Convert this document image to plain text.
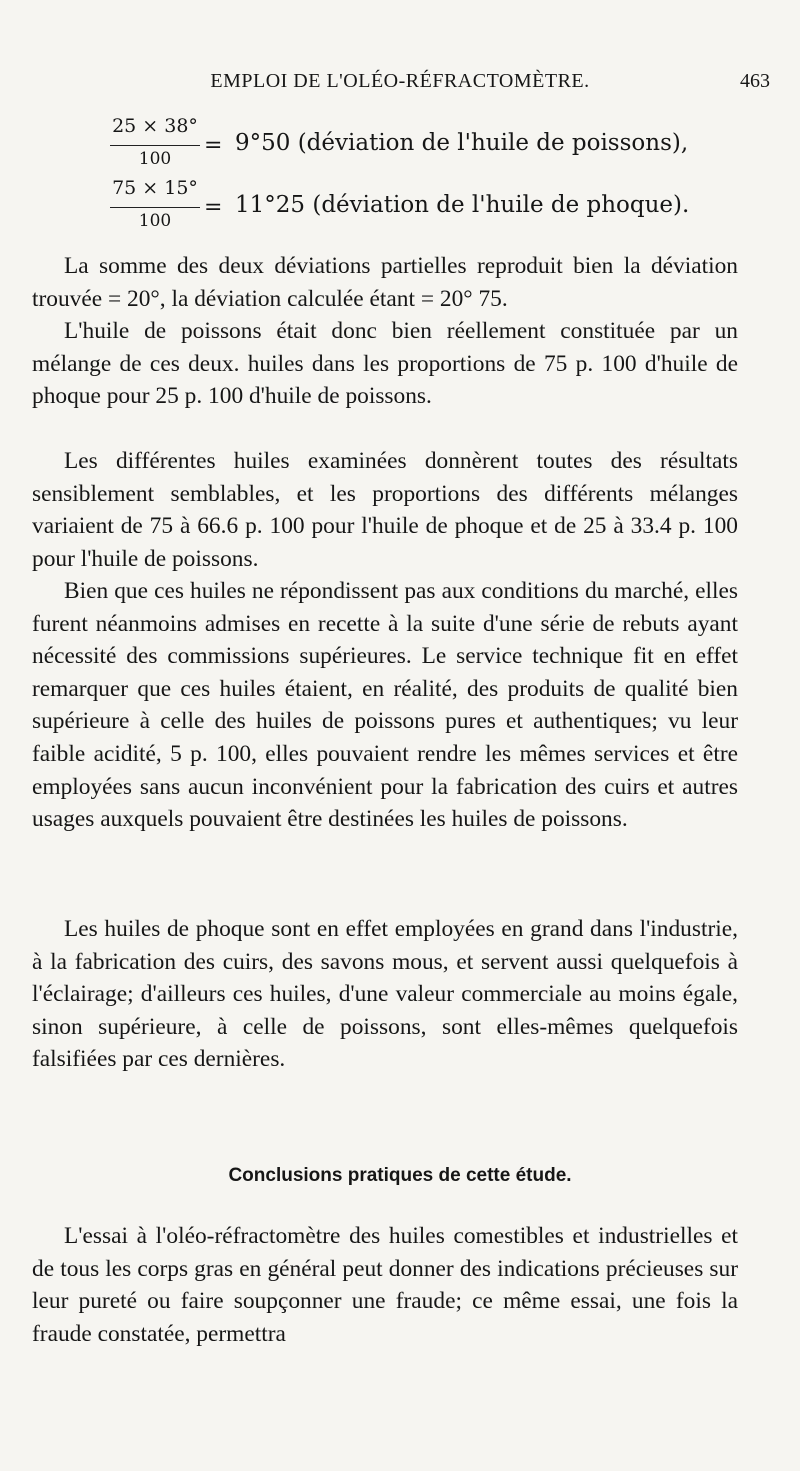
EMPLOI DE L'OLÉO-RÉFRACTOMÈTRE.	463
25 × 38°
100
= 9°50 (déviation de l'huile de poissons),
75 × 15°
100
= 11°25 (déviation de l'huile de phoque).

La somme des deux déviations partielles reproduit bien la déviation trouvée = 20°, la déviation calculée étant = 20° 75.

L'huile de poissons était donc bien réellement constituée par un mélange de ces deux. huiles dans les proportions de 75 p. 100 d'huile de phoque pour 25 p. 100 d'huile de poissons.

Les différentes huiles examinées donnèrent toutes des résultats sensiblement semblables, et les proportions des différents mélanges variaient de 75 à 66.6 p. 100 pour l'huile de phoque et de 25 à 33.4 p. 100 pour l'huile de poissons.

Bien que ces huiles ne répondissent pas aux conditions du marché, elles furent néanmoins admises en recette à la suite d'une série de rebuts ayant nécessité des commissions supérieures. Le service technique fit en effet remarquer que ces huiles étaient, en réalité, des produits de qualité bien supérieure à celle des huiles de poissons pures et authentiques; vu leur faible acidité, 5 p. 100, elles pouvaient rendre les mêmes services et être employées sans aucun inconvénient pour la fabrication des cuirs et autres usages auxquels pouvaient être destinées les huiles de poissons.

Les huiles de phoque sont en effet employées en grand dans l'industrie, à la fabrication des cuirs, des savons mous, et servent aussi quelquefois à l'éclairage; d'ailleurs ces huiles, d'une valeur commerciale au moins égale, sinon supérieure, à celle de poissons, sont elles-mêmes quelquefois falsifiées par ces dernières.

Conclusions pratiques de cette étude.

L'essai à l'oléo-réfractomètre des huiles comestibles et industrielles et de tous les corps gras en général peut donner des indications précieuses sur leur pureté ou faire soupçonner une fraude; ce même essai, une fois la fraude constatée, permettra
